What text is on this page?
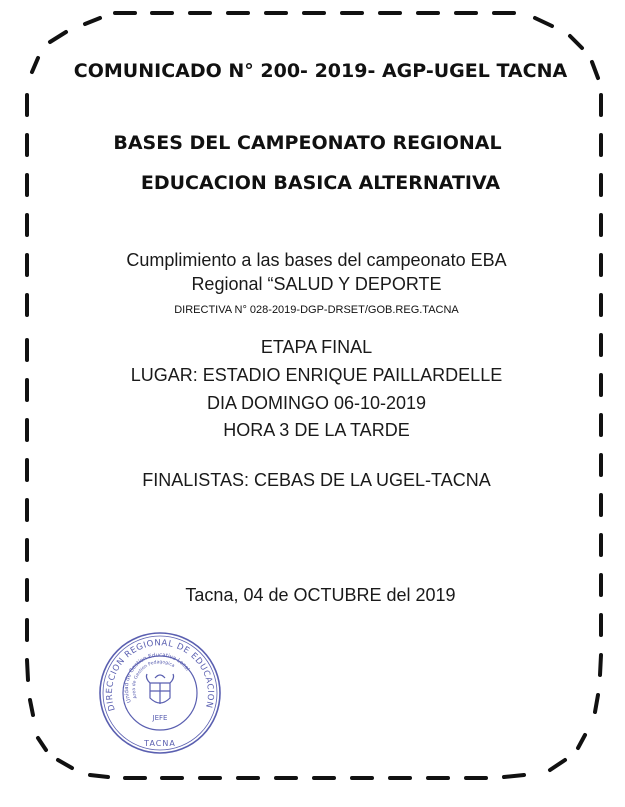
COMUNICADO N° 200- 2019- AGP-UGEL TACNA
BASES DEL CAMPEONATO REGIONAL
EDUCACION BASICA ALTERNATIVA
Cumplimiento a las bases del campeonato EBA
Regional “SALUD Y DEPORTE
DIRECTIVA N° 028-2019-DGP-DRSET/GOB.REG.TACNA
ETAPA FINAL
LUGAR: ESTADIO ENRIQUE PAILLARDELLE
DIA DOMINGO 06-10-2019
HORA 3 DE LA TARDE
FINALISTAS: CEBAS DE LA UGEL-TACNA
Tacna, 04 de OCTUBRE del 2019
DIRECCION REGIONAL DE EDUCACION
Unidad de Gestion Educativa Local
Area de Gestion Pedagogica
JEFE
TACNA
